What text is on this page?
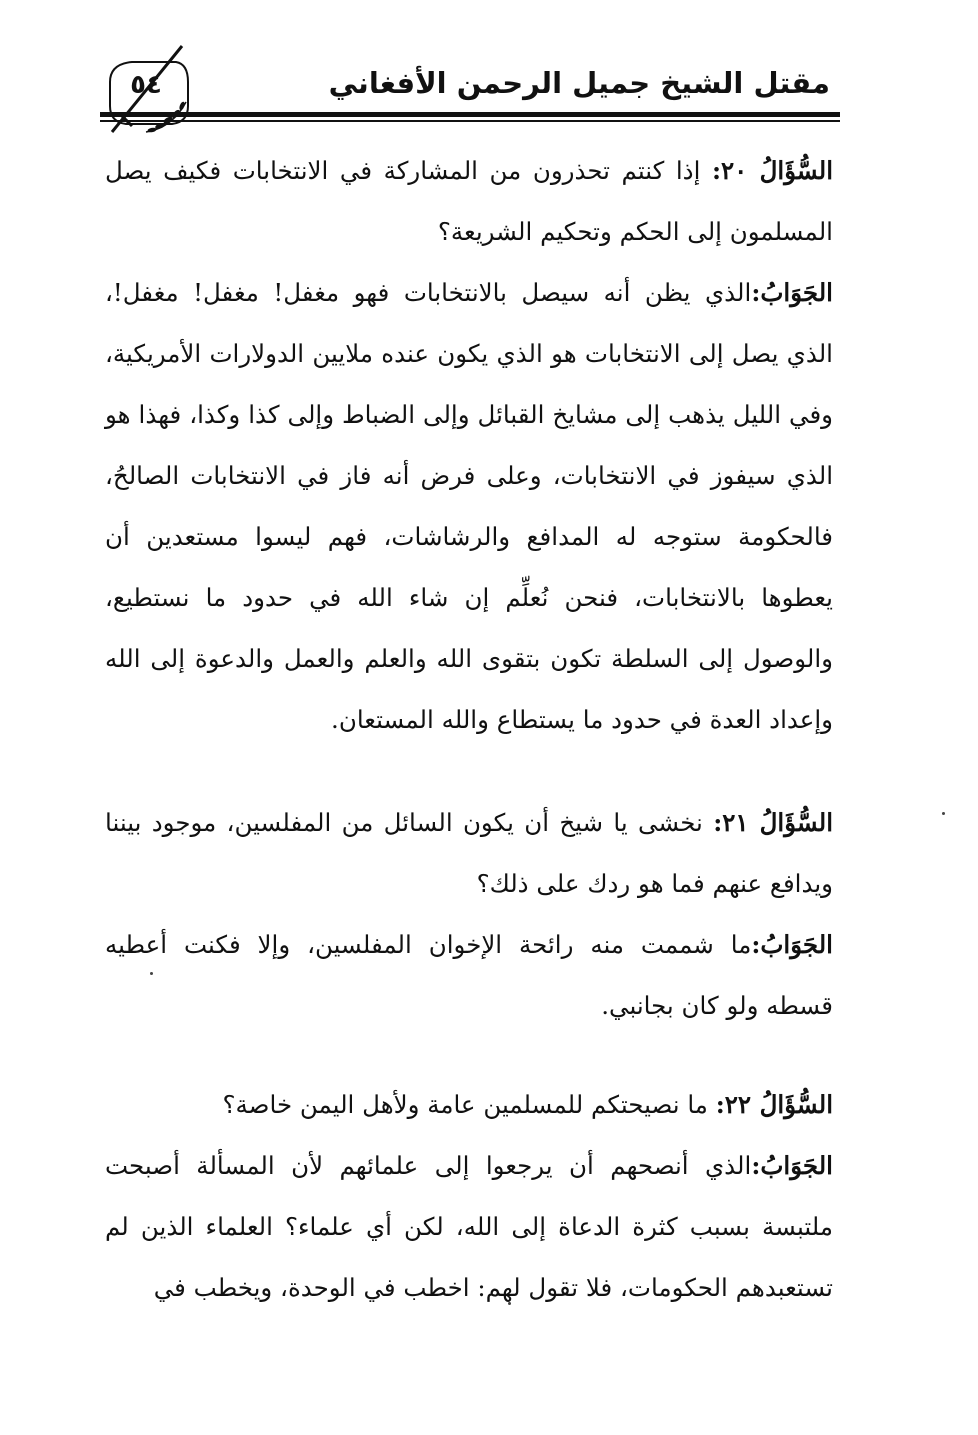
مقتل الشيخ جميل الرحمن الأفغاني
٥٤

السُّؤَالُ ٢٠: إذا كنتم تحذرون من المشاركة في الانتخابات فكيف يصل المسلمون إلى الحكم وتحكيم الشريعة؟

الجَوَابُ:الذي يظن أنه سيصل بالانتخابات فهو مغفل! مغفل! مغفل!، الذي يصل إلى الانتخابات هو الذي يكون عنده ملايين الدولارات الأمريكية، وفي الليل يذهب إلى مشايخ القبائل وإلى الضباط وإلى كذا وكذا، فهذا هو الذي سيفوز في الانتخابات، وعلى فرض أنه فاز في الانتخابات الصالحُ، فالحكومة ستوجه له المدافع والرشاشات، فهم ليسوا مستعدين أن يعطوها بالانتخابات، فنحن نُعلِّم إن شاء الله في حدود ما نستطيع، والوصول إلى السلطة تكون بتقوى الله والعلم والعمل والدعوة إلى الله وإعداد العدة في حدود ما يستطاع والله المستعان.

السُّؤَالُ ٢١: نخشى يا شيخ أن يكون السائل من المفلسين، موجود بيننا ويدافع عنهم فما هو ردك على ذلك؟

الجَوَابُ:ما شممت منه رائحة الإخوان المفلسين، وإلا فكنت أعطيه قسطه ولو كان بجانبي.

السُّؤَالُ ٢٢: ما نصيحتكم للمسلمين عامة ولأهل اليمن خاصة؟

الجَوَابُ:الذي أنصحهم أن يرجعوا إلى علمائهم لأن المسألة أصبحت ملتبسة بسبب كثرة الدعاة إلى الله، لكن أي علماء؟ العلماء الذين لم تستعبدهم الحكومات، فلا تقول لهم: اخطب في الوحدة، ويخطب في
